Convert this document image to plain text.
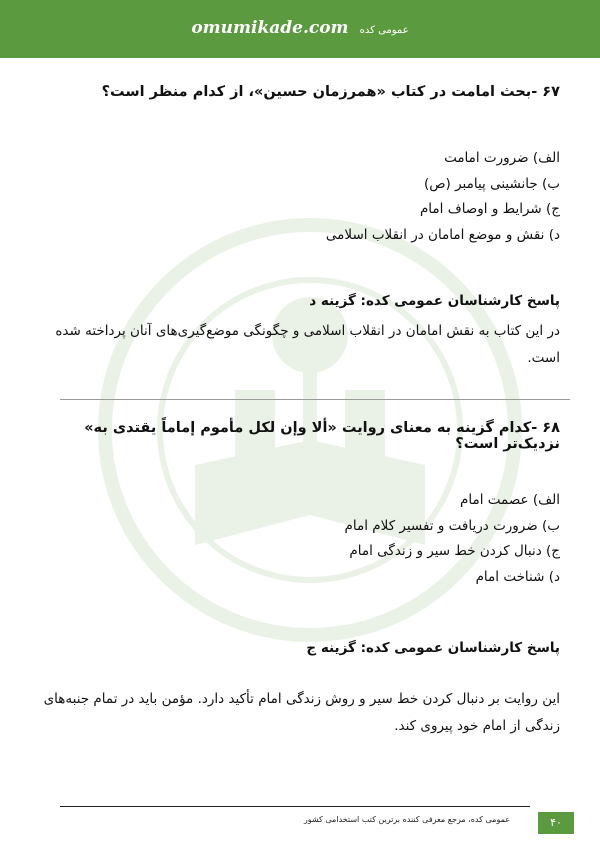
omumikade.com عمومی کده
۶۷ -بحث امامت در کتاب «همرزمان حسین»، از کدام منظر است؟
الف) ضرورت امامت
ب) جانشینی پیامبر (ص)
ج) شرایط و اوصاف امام
د) نقش و موضع امامان در انقلاب اسلامی
پاسخ کارشناسان عمومی کده: گزینه د
در این کتاب به نقش امامان در انقلاب اسلامی و چگونگی موضع‌گیری‌های آنان پرداخته شده است.
۶۸ -کدام گزینه به معنای روایت «ألا وإن لكل مأموم إماماً يقتدى به» نزدیک‌تر است؟
الف) عصمت امام
ب) ضرورت دریافت و تفسیر کلام امام
ج) دنبال کردن خط سیر و زندگی امام
د) شناخت امام
پاسخ کارشناسان عمومی کده: گزینه ج
این روایت بر دنبال کردن خط سیر و روش زندگی امام تأکید دارد. مؤمن باید در تمام جنبه‌های زندگی از امام خود پیروی کند.
عمومی کده، مرجع معرفی کننده برترین کتب استخدامی کشور	۴۰
